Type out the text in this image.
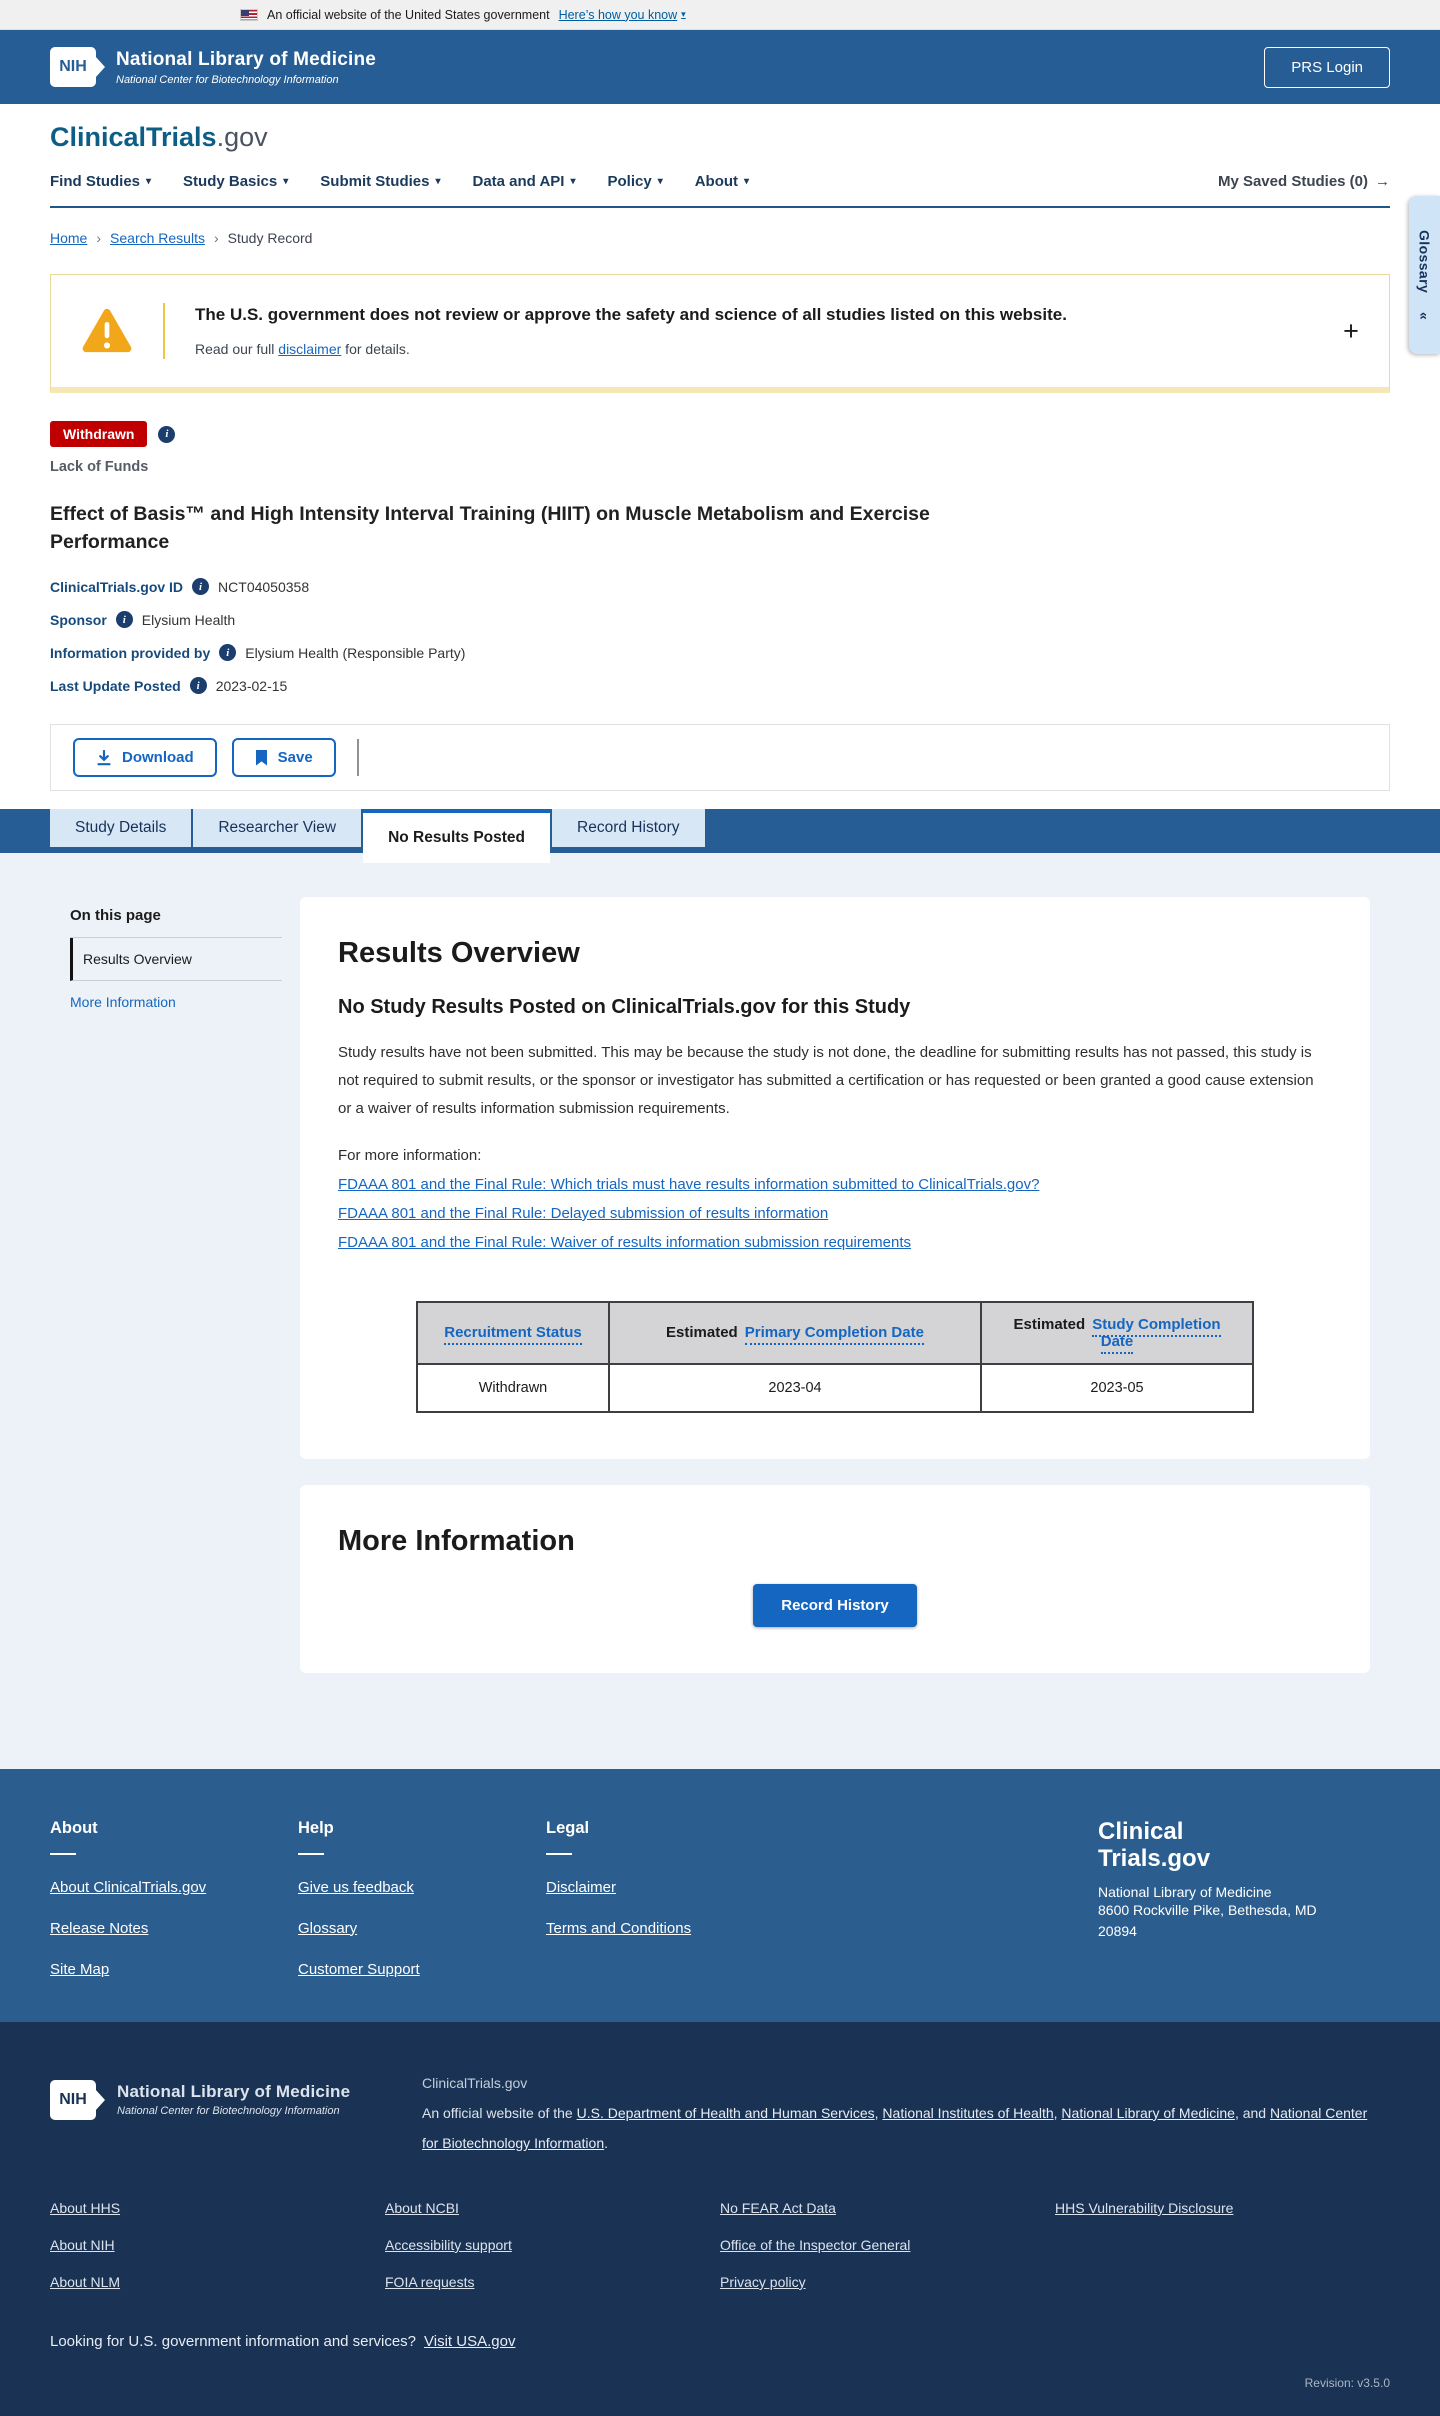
An official website of the United States government Here’s how you know ▾
NIH National Library of Medicine
National Center for Biotechnology Information
PRS Login
ClinicalTrials.gov
Find Studies ▾ Study Basics ▾ Submit Studies ▾ Data and API ▾ Policy ▾ About ▾	My Saved Studies (0) →
Home › Search Results › Study Record	Glossary «
The U.S. government does not review or approve the safety and science of all studies listed on this website.
Read our full disclaimer for details.
+
Withdrawn	i
Lack of Funds
Effect of Basis™ and High Intensity Interval Training (HIIT) on Muscle Metabolism and Exercise Performance
ClinicalTrials.gov ID	i	NCT04050358
Sponsor	i	Elysium Health
Information provided by	i	Elysium Health (Responsible Party)
Last Update Posted	i	2023-02-15
Download	Save
Study Details	Researcher View
No Results Posted
Record History
On this page
Results Overview
More Information
Results Overview
No Study Results Posted on ClinicalTrials.gov for this Study

Study results have not been submitted. This may be because the study is not done, the deadline for submitting results has not passed, this study is not required to submit results, or the sponsor or investigator has submitted a certification or has requested or been granted a good cause extension or a waiver of results information submission requirements.

For more information:
FDAAA 801 and the Final Rule: Which trials must have results information submitted to ClinicalTrials.gov?
FDAAA 801 and the Final Rule: Delayed submission of results information
FDAAA 801 and the Final Rule: Waiver of results information submission requirements
Recruitment Status	Estimated Primary Completion Date	Estimated Study Completion Date
Withdrawn	2023-04	2023-05
More Information
Record History
About
About ClinicalTrials.gov
Release Notes
Site Map
Help
Give us feedback
Glossary
Customer Support
Legal
Disclaimer
Terms and Conditions
Clinical
Trials.gov
National Library of Medicine
8600 Rockville Pike, Bethesda, MD
20894
NIH National Library of Medicine
National Center for Biotechnology Information
ClinicalTrials.gov
An official website of the U.S. Department of Health and Human Services, National Institutes of Health, National Library of Medicine, and National Center for Biotechnology Information.
About HHS
About NIH
About NLM
About NCBI
Accessibility support
FOIA requests
No FEAR Act Data
Office of the Inspector General
Privacy policy
HHS Vulnerability Disclosure
Looking for U.S. government information and services? Visit USA.gov
Revision: v3.5.0
